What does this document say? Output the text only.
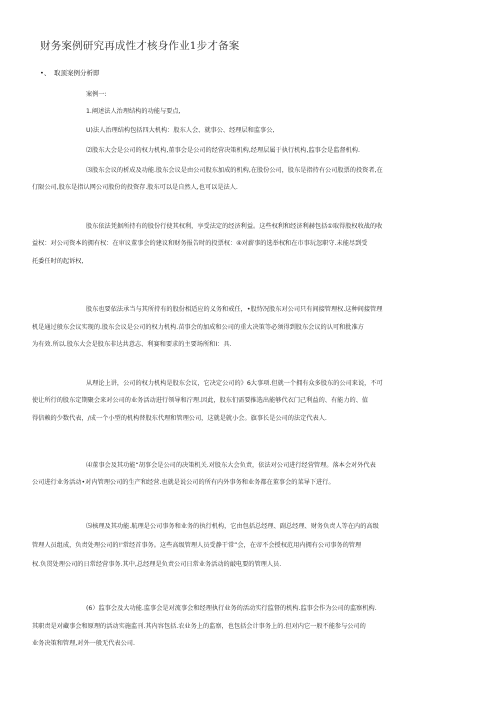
财务案例研究再成性才核身作业1步才备案
•、 取顶案例分析即
案例一:
1.阐述法人治理结构的功能与要点,
U)法人治理结构包括四大机构：股东人会、就事公、经理层和监事公,
⑵股东大会是公司的权力机构,董事会是公司的经营决策机构,经理层属于执行机构,监事会是监督机构.
⑶股东会议的析成及功能.股东会议是由公司股东加成的机构,在股份公司，股东是指持有公司股票的投资者,在
仃限公司,股东是指认网公司股份的投资存.股东可以是自然人,也可以是法人.
股东依法凭据所持有的股份行使其权利，享受法定的经济利益。这些权利和经济利赫包括①取得股权收战的收
益权：对公司资本的拥有权：在审议董事会的建议和财务报告时的投票权：④对薪事的选举权和在市事玩忽职守.未能尽到受
托委任时的起诉权,
股东也要依法承当与其所持有的股份相适应的义务和戒任，•股恃况股东对公司只有间接管理权.这种间接管理
机是通过般东会议实现的.股东会议是公司的权力机构.苗事会的加成和公司的重大决策等必须得到股东会议的认可和批准方
为有效.所以.股东大会是股东非达共意志、利赛和要求的主要场所和I：具.
从理论上讲，公司的权力机构是股东会议，它决定公司的》6大事项.但就一个拥有众多股东的公司来说，不可
使让所行的股东定期聚会来对公司的业务活动进行领导和泞理.因此，股东们需要推选出能够代衣门己利益的、有能力的、值
得信赖的少数代表，/成一个小型的机构替股东代理和管理公司，这就是就小会。旗事长是公司的法定代表人.
⑷董事会及其功能“胡事会是公司的决策机关.对股东大会负责，依法对公司进行经营管理。落本会对外代表
公司进行业务活动•对内管理公司的生产和经营.也就是说公司的所有内外事务和业务都在董事会的菜导下进行。
⑸核理及其功能.航理是公司事务和业务的执行机构，它由包括总经理、副总经理、财务负责人等在内的高级
管理人员组成，负责处理公司的!'常经首事务。这些高级管理人员受静干常”会，在帝不会授权范用内拥有公司事务的管理
权.负贯处理公司的日常经营事务.其中,总经理是负责公司日常业务活动的敲电要的管理人员.
(6）监事会及大功能.监事会是对流事会和经理执行业务的活动实行监督的机构.监事会作为公司的监察机构.
其职责是对藏事会和原理的活动实施监刊.其内容包括.农业务上的监察，也包括会计事务上的.但对内它一般不能参与公司的
业务决策和管理,对外一般无代表公司.
